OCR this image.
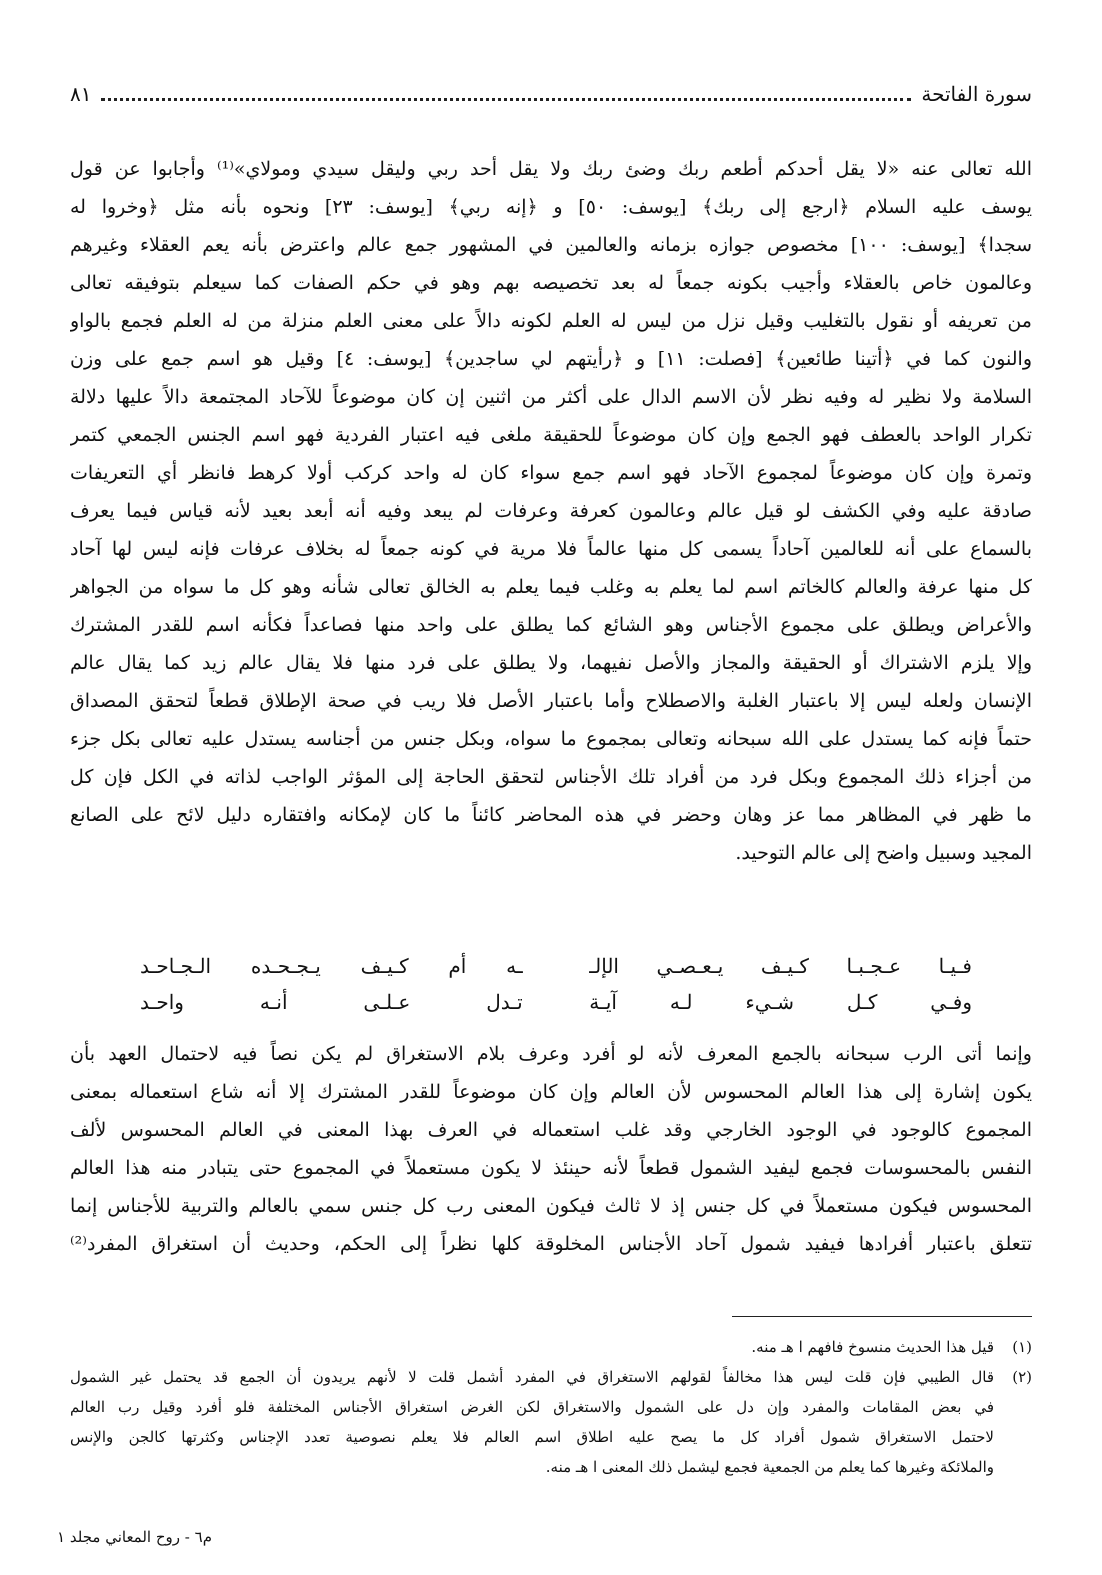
سورة الفاتحة
٨١
الله تعالى عنه «لا يقل أحدكم أطعم ربك وضئ ربك ولا يقل أحد ربي وليقل سيدي ومولاي»⁽¹⁾ وأجابوا عن قول
يوسف عليه السلام ﴿ارجع إلى ربك﴾ [يوسف: ٥٠] و ﴿إنه ربي﴾ [يوسف: ٢٣] ونحوه بأنه مثل ﴿وخروا له
سجدا﴾ [يوسف: ١٠٠] مخصوص جوازه بزمانه والعالمين في المشهور جمع عالم واعترض بأنه يعم العقلاء وغيرهم
وعالمون خاص بالعقلاء وأجيب بكونه جمعاً له بعد تخصيصه بهم وهو في حكم الصفات كما سيعلم بتوفيقه تعالى
من تعريفه أو نقول بالتغليب وقيل نزل من ليس له العلم لكونه دالاً على معنى العلم منزلة من له العلم فجمع بالواو
والنون كما في ﴿أتينا طائعين﴾ [فصلت: ١١] و ﴿رأيتهم لي ساجدين﴾ [يوسف: ٤] وقيل هو اسم جمع على وزن
السلامة ولا نظير له وفيه نظر لأن الاسم الدال على أكثر من اثنين إن كان موضوعاً للآحاد المجتمعة دالاً عليها دلالة
تكرار الواحد بالعطف فهو الجمع وإن كان موضوعاً للحقيقة ملغى فيه اعتبار الفردية فهو اسم الجنس الجمعي كتمر
وتمرة وإن كان موضوعاً لمجموع الآحاد فهو اسم جمع سواء كان له واحد كركب أولا كرهط فانظر أي التعريفات
صادقة عليه وفي الكشف لو قيل عالم وعالمون كعرفة وعرفات لم يبعد وفيه أنه أبعد بعيد لأنه قياس فيما يعرف
بالسماع على أنه للعالمين آحاداً يسمى كل منها عالماً فلا مرية في كونه جمعاً له بخلاف عرفات فإنه ليس لها آحاد
كل منها عرفة والعالم كالخاتم اسم لما يعلم به وغلب فيما يعلم به الخالق تعالى شأنه وهو كل ما سواه من الجواهر
والأعراض ويطلق على مجموع الأجناس وهو الشائع كما يطلق على واحد منها فصاعداً فكأنه اسم للقدر المشترك
وإلا يلزم الاشتراك أو الحقيقة والمجاز والأصل نفيهما، ولا يطلق على فرد منها فلا يقال عالم زيد كما يقال عالم
الإنسان ولعله ليس إلا باعتبار الغلبة والاصطلاح وأما باعتبار الأصل فلا ريب في صحة الإطلاق قطعاً لتحقق المصداق
حتماً فإنه كما يستدل على الله سبحانه وتعالى بمجموع ما سواه، وبكل جنس من أجناسه يستدل عليه تعالى بكل جزء
من أجزاء ذلك المجموع وبكل فرد من أفراد تلك الأجناس لتحقق الحاجة إلى المؤثر الواجب لذاته في الكل فإن كل
ما ظهر في المظاهر مما عز وهان وحضر في هذه المحاضر كائناً ما كان لإمكانه وافتقاره دليل لائح على الصانع
المجيد وسبيل واضح إلى عالم التوحيد.
فـيـا عـجـبـا كـيـف يـعـصـي الإلـ
ـه أم كـيـف يـجـحـده الـجـاحـد
وفـي كـل شـيء لـه آيـة
تـدل عـلـى أنـه واحـد
وإنما أتى الرب سبحانه بالجمع المعرف لأنه لو أفرد وعرف بلام الاستغراق لم يكن نصاً فيه لاحتمال العهد بأن
يكون إشارة إلى هذا العالم المحسوس لأن العالم وإن كان موضوعاً للقدر المشترك إلا أنه شاع استعماله بمعنى
المجموع كالوجود في الوجود الخارجي وقد غلب استعماله في العرف بهذا المعنى في العالم المحسوس لألف
النفس بالمحسوسات فجمع ليفيد الشمول قطعاً لأنه حينئذ لا يكون مستعملاً في المجموع حتى يتبادر منه هذا العالم
المحسوس فيكون مستعملاً في كل جنس إذ لا ثالث فيكون المعنى رب كل جنس سمي بالعالم والتربية للأجناس إنما
تتعلق باعتبار أفرادها فيفيد شمول آحاد الأجناس المخلوقة كلها نظراً إلى الحكم، وحديث أن استغراق المفرد⁽²⁾
(١)
قيل هذا الحديث منسوخ فافهم ا هـ منه.
(٢)
قال الطيبي فإن قلت ليس هذا مخالفاً لقولهم الاستغراق في المفرد أشمل قلت لا لأنهم يريدون أن الجمع قد يحتمل غير الشمول
في بعض المقامات والمفرد وإن دل على الشمول والاستغراق لكن الغرض استغراق الأجناس المختلفة فلو أفرد وقيل رب العالم
لاحتمل الاستغراق شمول أفراد كل ما يصح عليه اطلاق اسم العالم فلا يعلم نصوصية تعدد الإجناس وكثرتها كالجن والإنس
والملائكة وغيرها كما يعلم من الجمعية فجمع ليشمل ذلك المعنى ا هـ منه.
م٦ - روح المعاني مجلد ١
